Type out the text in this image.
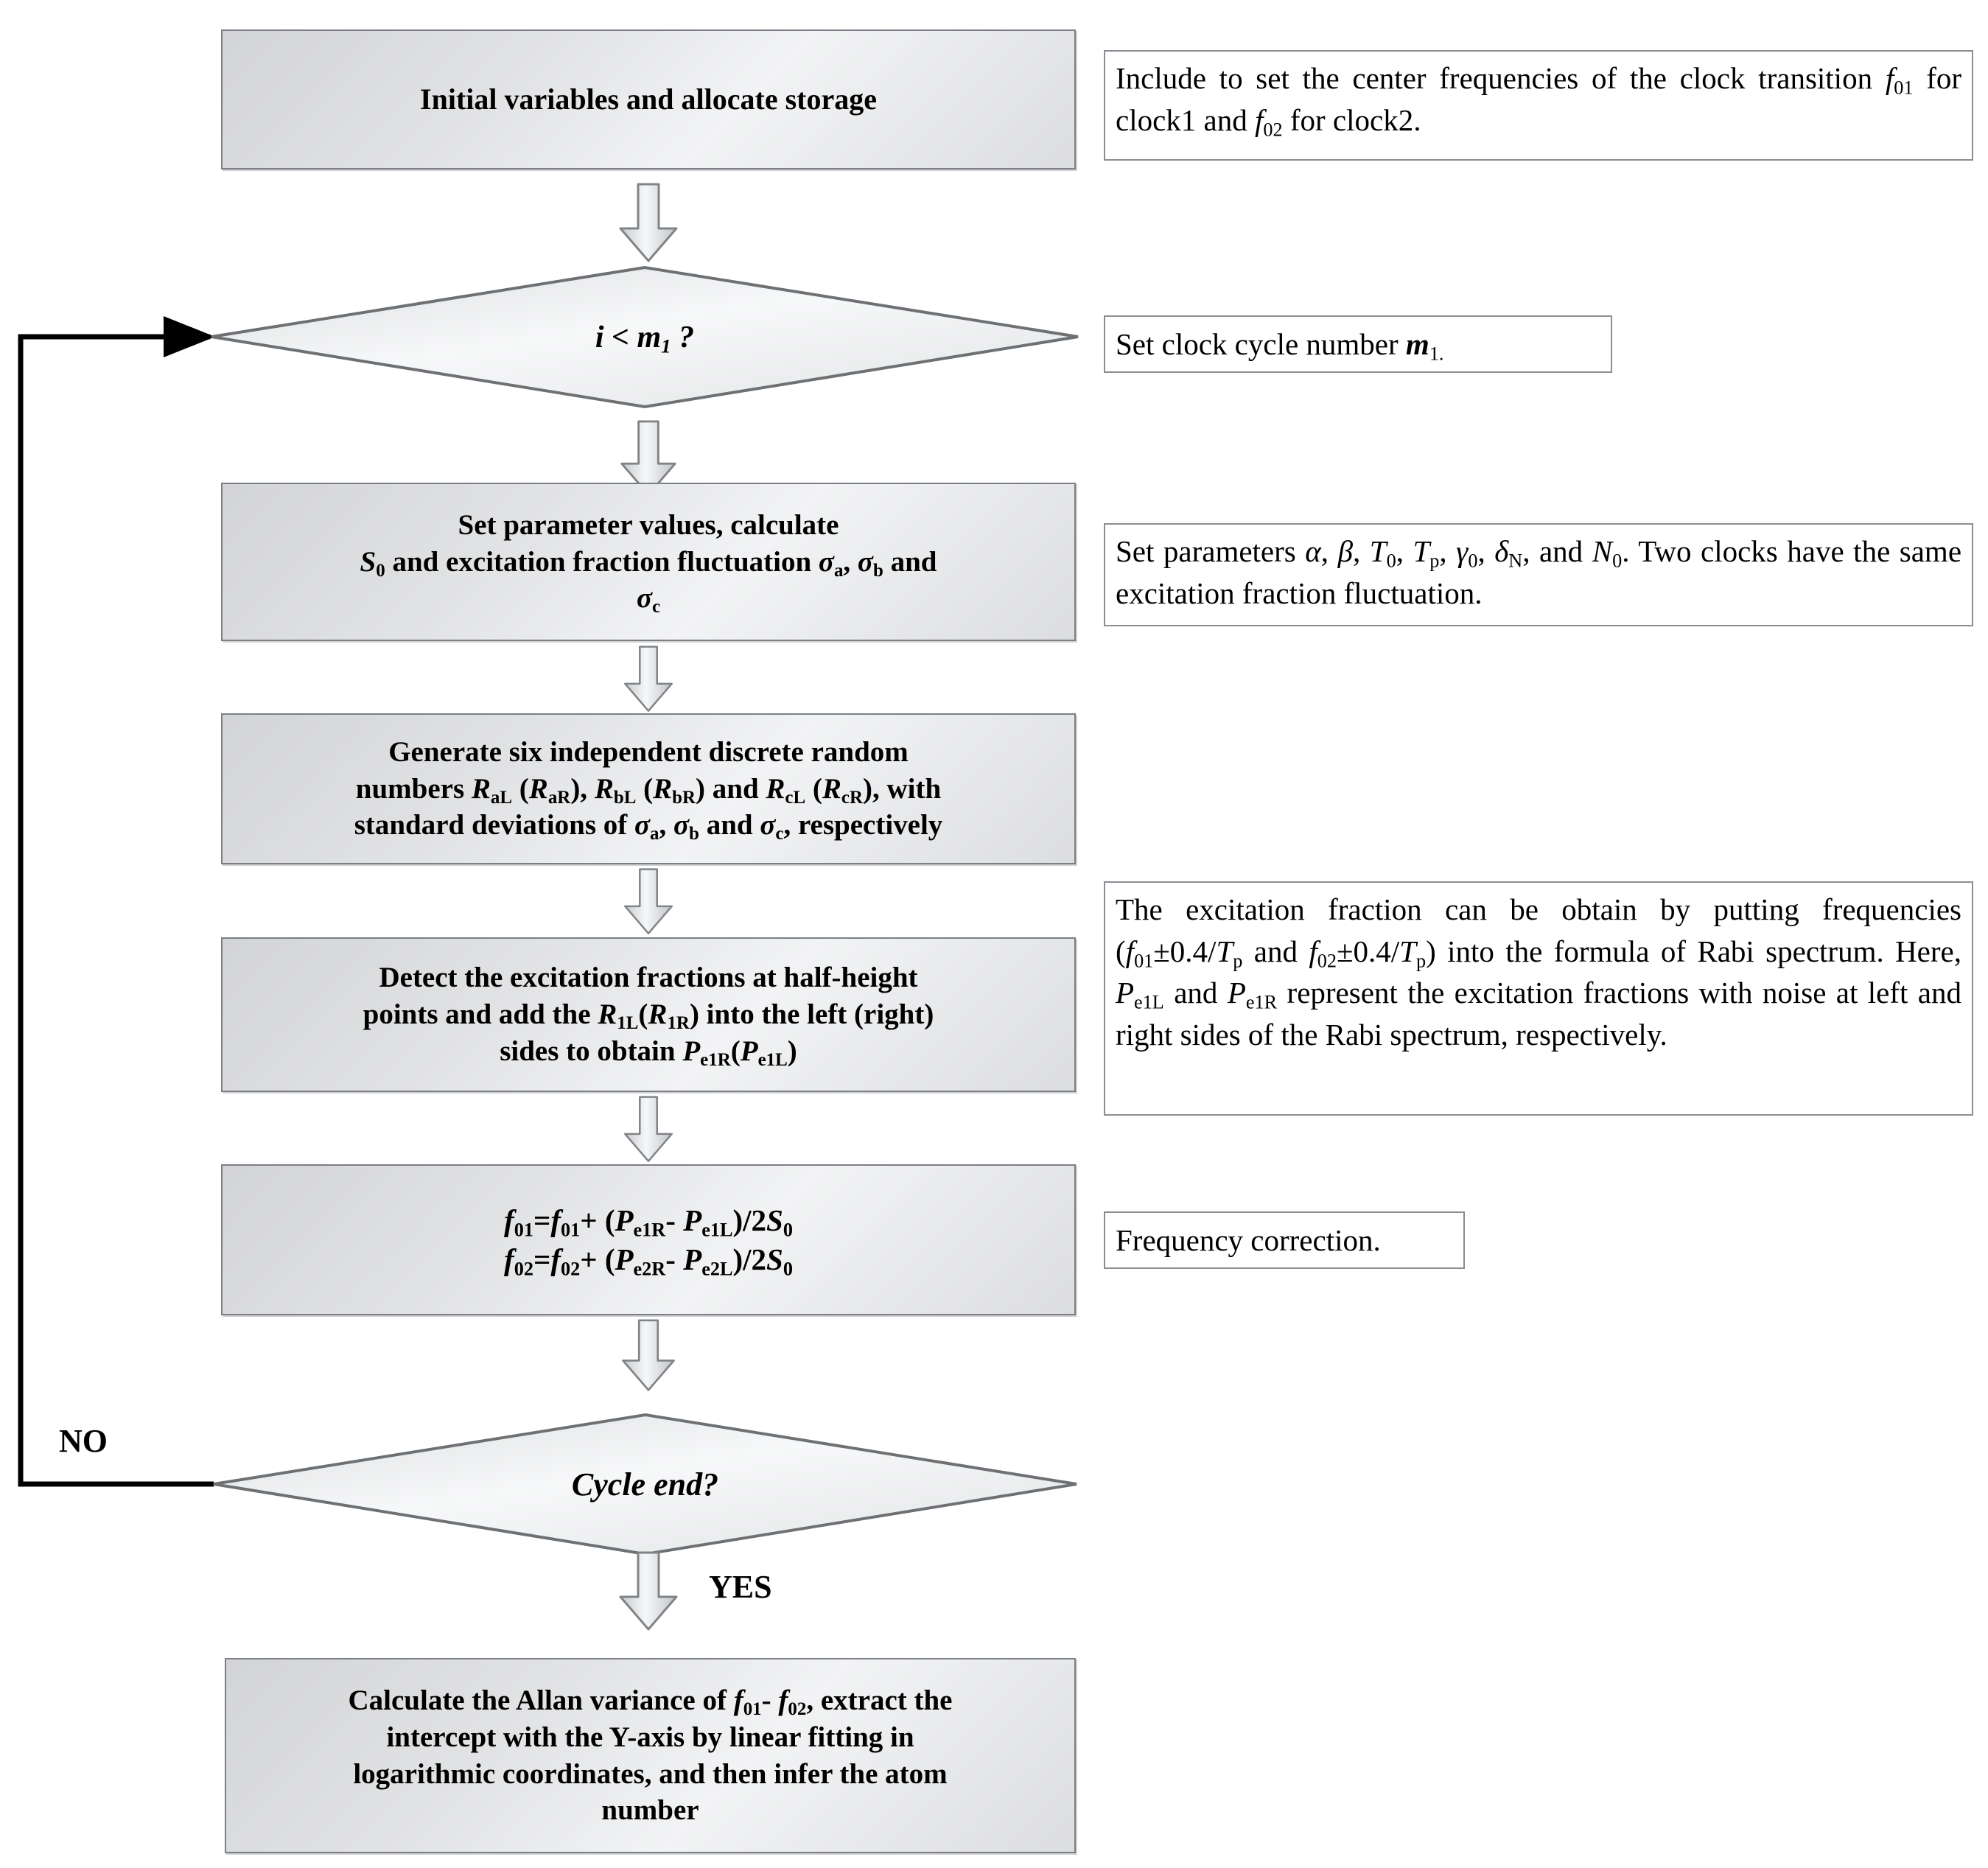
Initial variables and allocate storage
$i < m_1$ ?
Include to set the center frequencies of the clock transition $f_{01}$ for clock1 and $f_{02}$ for clock2.
Set clock cycle number $m_{1.}$
Set parameter values, calculate
$S_0$ and excitation fraction fluctuation $\sigma_a$, $\sigma_b$ and
$\sigma_c$
Set parameters α, β, $T_0$, $T_p$, $\gamma_0$, $\delta_N$, and $N_0$. Two clocks have the same excitation fraction fluctuation.
Generate six independent discrete random
numbers $R_{aL}$ $(R_{aR})$, $R_{bL}$ $(R_{bR})$ and $R_{cL}$ $(R_{cR})$, with
standard deviations of $\sigma_a$, $\sigma_b$ and $\sigma_c$, respectively
Detect the excitation fractions at half-height
points and add the $R_{1L}(R_{1R})$ into the left (right)
sides to obtain $P_{e1R}(P_{e1L})$
The excitation fraction can be obtain by putting frequencies ($f_{01}\pm 0.4/T_p$ and $f_{02}\pm 0.4/T_p$) into the formula of Rabi spectrum. Here, $P_{e1L}$ and $P_{e1R}$ represent the excitation fractions with noise at left and right sides of the Rabi spectrum, respectively.
$f_{01}=f_{01}+ (P_{e1R}-$ $P_{e1L})/2S_0$
$f_{02}=f_{02}+ (P_{e2R}-$ $P_{e2L})/2S_0$
Frequency correction.
Cycle end?
NO
YES
Calculate the Allan variance of $f_{01}-$ $f_{02}$, extract the
intercept with the Y-axis by linear fitting in
logarithmic coordinates, and then infer the atom
number
